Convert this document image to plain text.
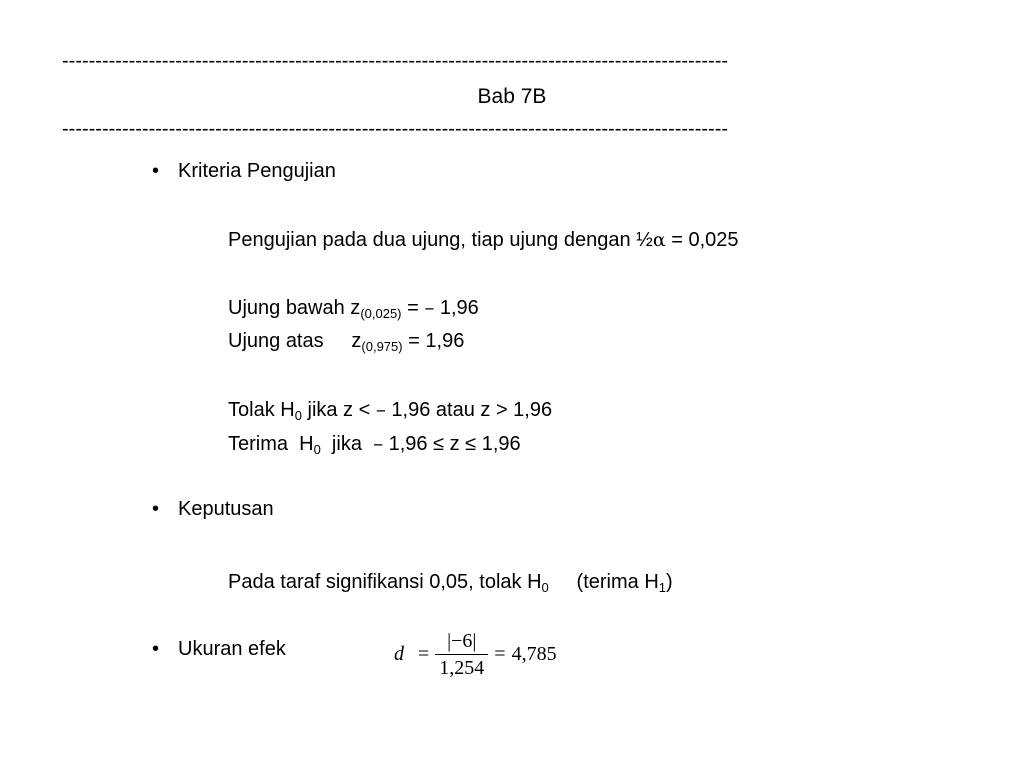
----------------------------------------------------------------------------------------------------
Bab 7B
----------------------------------------------------------------------------------------------------
• Kriteria Pengujian
Pengujian pada dua ujung, tiap ujung dengan ½α = 0,025
Ujung bawah $z_{(0,025)}$ = – 1,96
Ujung atas     $z_{(0,975)} = 1,96$
Tolak $H_0$ jika z < – 1,96 atau z > 1,96
Terima  $H_0$  jika  – 1,96 ≤ z ≤ 1,96
• Keputusan
Pada taraf signifikansi 0,05, tolak $H_0$     (terima $H_1$)
• Ukuran efek	$d = \frac{|-6|}{1,254} = 4,785$
